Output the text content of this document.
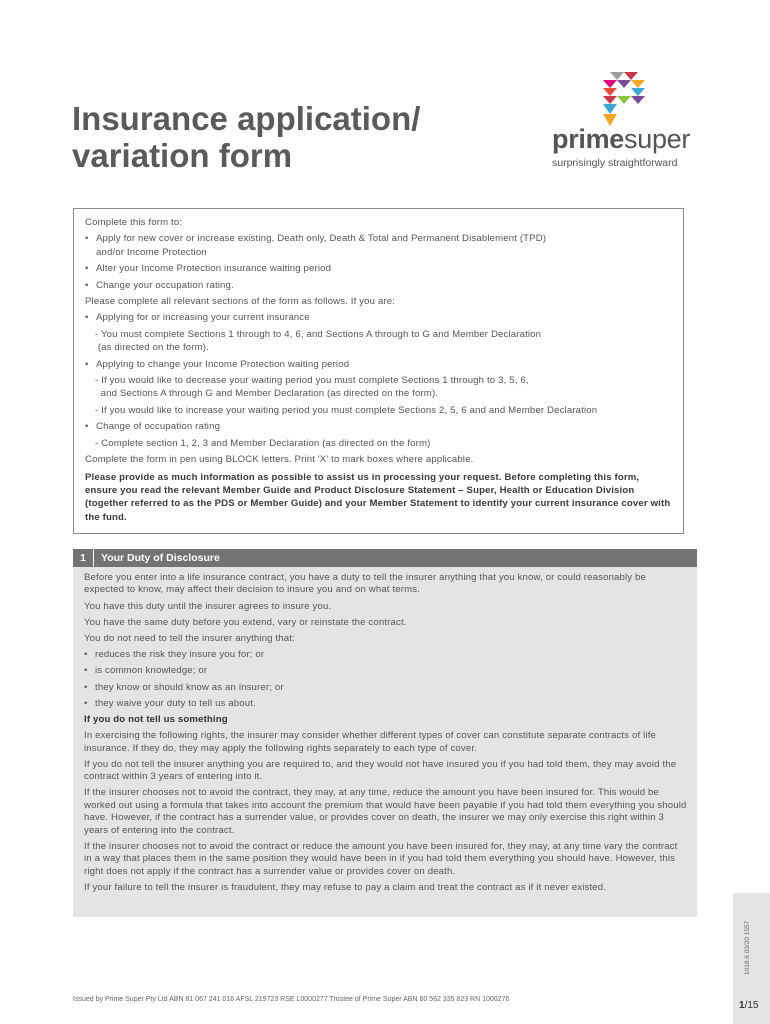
Insurance application/
variation form	primesuper
surprisingly straightforward

Complete this form to:

• Apply for new cover or increase existing, Death only, Death & Total and Permanent Disablement (TPD)
and/or Income Protection
• Alter your Income Protection insurance waiting period
• Change your occupation rating.

Please complete all relevant sections of the form as follows. If you are:

• Applying for or increasing your current insurance
- You must complete Sections 1 through to 4, 6, and Sections A through to G and Member Declaration
(as directed on the form).
• Applying to change your Income Protection waiting period
- If you would like to decrease your waiting period you must complete Sections 1 through to 3, 5, 6,
and Sections A through G and Member Declaration (as directed on the form).
- If you would like to increase your waiting period you must complete Sections 2, 5, 6 and and Member Declaration
• Change of occupation rating
- Complete section 1, 2, 3 and Member Declaration (as directed on the form)

Complete the form in pen using BLOCK letters. Print 'X' to mark boxes where applicable.

Please provide as much information as possible to assist us in processing your request. Before completing this form, ensure you read the relevant Member Guide and Product Disclosure Statement – Super, Health or Education Division (together referred to as the PDS or Member Guide) and your Member Statement to identify your current insurance cover with the fund.

1	Your Duty of Disclosure

Before you enter into a life insurance contract, you have a duty to tell the insurer anything that you know, or could reasonably be expected to know, may affect their decision to insure you and on what terms.

You have this duty until the insurer agrees to insure you.

You have the same duty before you extend, vary or reinstate the contract.

You do not need to tell the insurer anything that:

• reduces the risk they insure you for; or
• is common knowledge; or
• they know or should know as an insurer; or
• they waive your duty to tell us about.

If you do not tell us something

In exercising the following rights, the insurer may consider whether different types of cover can constitute separate contracts of life insurance. If they do, they may apply the following rights separately to each type of cover.

If you do not tell the insurer anything you are required to, and they would not have insured you if you had told them, they may avoid the contract within 3 years of entering into it.

If the insurer chooses not to avoid the contract, they may, at any time, reduce the amount you have been insured for. This would be worked out using a formula that takes into account the premium that would have been payable if you had told them everything you should have. However, if the contract has a surrender value, or provides cover on death, the insurer we may only exercise this right within 3 years of entering into the contract.

If the insurer chooses not to avoid the contract or reduce the amount you have been insured for, they may, at any time vary the contract in a way that places them in the same position they would have been in if you had told them everything you should have. However, this right does not apply if the contract has a surrender value or provides cover on death.

If your failure to tell the insurer is fraudulent, they may refuse to pay a claim and treat the contract as if it never existed.

Issued by Prime Super Pty Ltd ABN 81 067 241 016 AFSL 219723 RSE L0000277 Trustee of Prime Super ABN 60 562 335 823 RN 1000276
1018.6 03/20 1557
1/15
